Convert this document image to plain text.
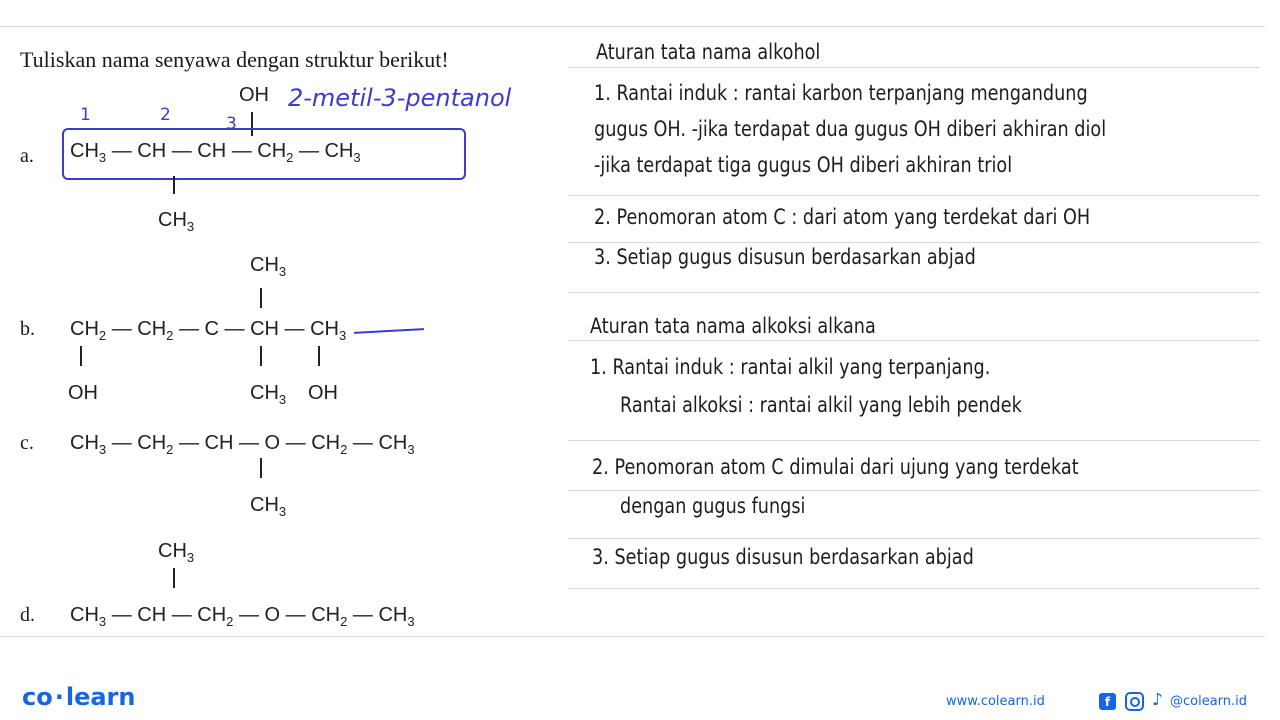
Tuliskan nama senyawa dengan struktur berikut!
a.
1	2	3
2-metil-3-pentanol
OH
$CH_3$ — CH — CH — $CH_2$ — $CH_3$
$CH_3$
$CH_3$
b. $CH_2$ — $CH_2$ — C — CH — $CH_3$
OH	$CH_3$ OH
c. $CH_3$ — $CH_2$ — CH — O — $CH_2$ — $CH_3$
$CH_3$
$CH_3$
d. $CH_3$ — CH — $CH_2$ — O — $CH_2$ — $CH_3$
Aturan tata nama alkohol
1. Rantai induk : rantai karbon terpanjang mengandung
gugus OH. -jika terdapat dua gugus OH diberi akhiran diol
-jika terdapat tiga gugus OH diberi akhiran triol
2. Penomoran atom C : dari atom yang terdekat dari OH
3. Setiap gugus disusun berdasarkan abjad
Aturan tata nama alkoksi alkana
1. Rantai induk : rantai alkil yang terpanjang.
Rantai alkoksi : rantai alkil yang lebih pendek
2. Penomoran atom C dimulai dari ujung yang terdekat
dengan gugus fungsi
3. Setiap gugus disusun berdasarkan abjad
co·learn	www.colearn.id	f	♪ @colearn.id
